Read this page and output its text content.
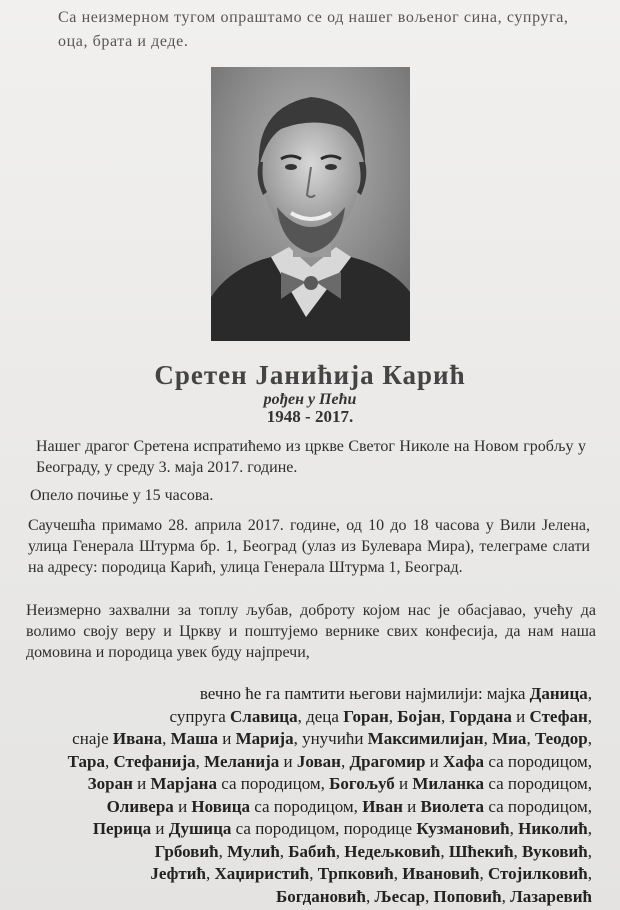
Са неизмерном тугом опраштамо се од нашег вољеног сина, супруга, оца, брата и деде.
Сретен Јанићија Карић
рођен у Пећи
1948 - 2017.
Нашег драгог Сретена испратићемо из цркве Светог Николе на Новом гробљу у Београду, у среду 3. маја 2017. године.
Опело почиње у 15 часова.
Саучешћа примамо 28. априла 2017. године, од 10 до 18 часова у Вили Јелена, улица Генерала Штурма бр. 1, Београд (улаз из Булевара Мира), телеграме слати на адресу: породица Карић, улица Генерала Штурма 1, Београд.
Неизмерно захвални за топлу љубав, доброту којом нас је обасјавао, учећу да волимо своју веру и Цркву и поштујемо вернике свих конфесија, да нам наша домовина и породица увек буду најпречи,
вечно ће га памтити његови најмилији: мајка Даница,
супруга Славица, деца Горан, Бојан, Гордана и Стефан,
снаје Ивана, Маша и Марија, унучићи Максимилијан, Миа, Теодор,
Тара, Стефанија, Меланија и Јован, Драгомир и Хафа са породицом,
Зоран и Марјана са породицом, Богољуб и Миланка са породицом,
Оливера и Новица са породицом, Иван и Виолета са породицом,
Перица и Душица са породицом, породице Кузмановић, Николић,
Грбовић, Мулић, Бабић, Недељковић, Шћекић, Вуковић,
Јефтић, Хаџиристић, Трпковић, Ивановић, Стојилковић,
Богдановић, Љесар, Поповић, Лазаревић
